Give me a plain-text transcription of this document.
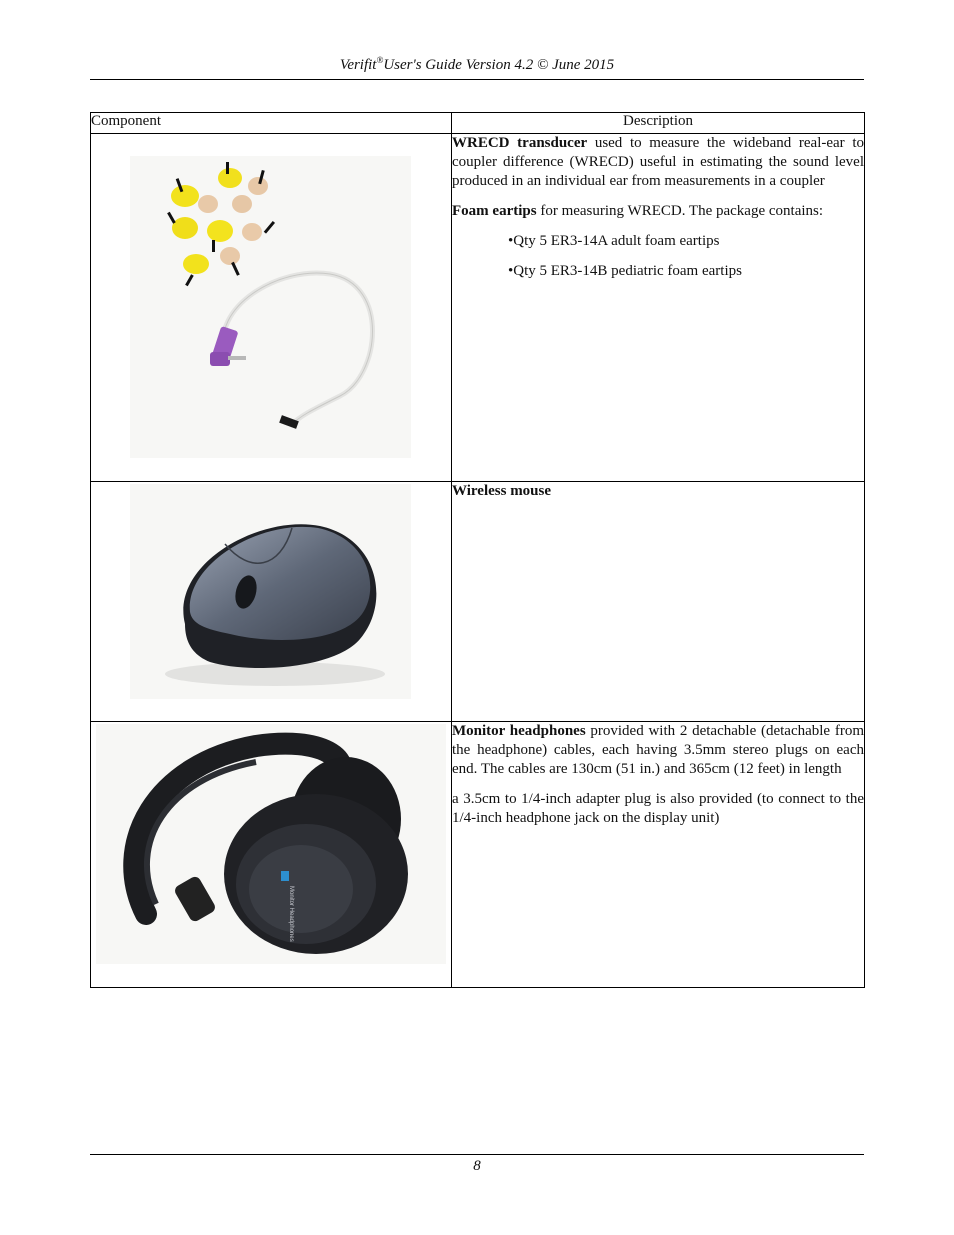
Verifit®User's Guide Version 4.2 © June 2015
Component	Description

WRECD transducer used to measure the wideband real-ear to coupler difference (WRECD) useful in estimating the sound level produced in an individual ear from measurements in a coupler

Foam eartips for measuring WRECD. The package contains:

•Qty 5 ER3-14A adult foam eartips

•Qty 5 ER3-14B pediatric foam eartips

Wireless mouse

Monitor Headphones	Monitor headphones provided with 2 detachable (detachable from the headphone) cables, each having 3.5mm stereo plugs on each end. The cables are 130cm (51 in.) and 365cm (12 feet) in length

a 3.5cm to 1/4-inch adapter plug is also provided (to connect to the 1/4-inch headphone jack on the display unit)

8
